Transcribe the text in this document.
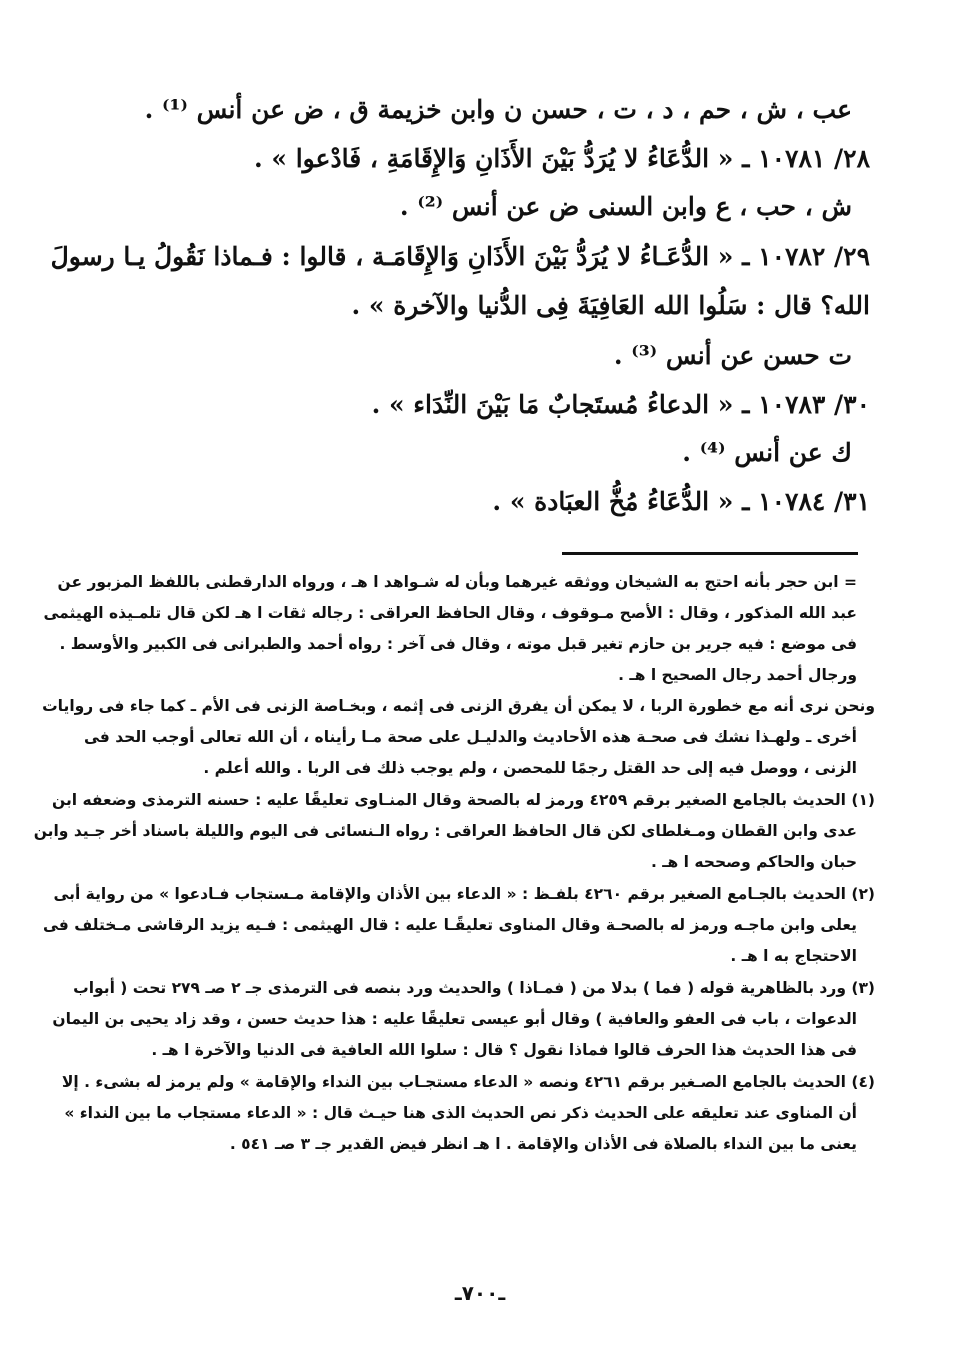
عب ، ش ، حم ، د ، ت ، حسن ن وابن خزيمة ق ، ض عن أنس ⁽¹⁾ .
٢٨/ ١٠٧٨١ ـ « الدُّعَاءُ لا يُرَدُّ بَيْنَ الأَذَانِ وَالإِقَامَةِ ، فَادْعوا » .
ش ، حب ، ع وابن السنى ض عن أنس ⁽²⁾ .
٢٩/ ١٠٧٨٢ ـ « الدُّعَـاءُ لا يُرَدُّ بَيْنَ الأَذَانِ وَالإِقَامَـة ، قالوا : فـماذا نَقُولُ يـا رسولَ
الله؟ قال : سَلُوا الله العَافِيَةَ فِى الدُّنيا والآخرة » .
ت حسن عن أنس ⁽³⁾ .
٣٠/ ١٠٧٨٣ ـ « الدعاءُ مُستَجابٌ مَا بَيْنَ النِّدَاء » .
ك عن أنس ⁽⁴⁾ .
٣١/ ١٠٧٨٤ ـ « الدُّعَاءُ مُخُّ العبَادة » .
= ابن حجر بأنه احتج به الشيخان ووثقه غيرهما وبأن له شـواهد ا هـ ، ورواه الدارقطنى باللفظ المزبور عن
عبد الله المذكور ، وقال : الأصح مـوقوف ، وقال الحافظ العراقى : رجاله ثقات ا هـ لكن قال تلمـيذه الهيثمى
فى موضع : فيه جرير بن حازم تغير قبل موته ، وقال فى آخر : رواه أحمد والطبرانى فى الكبير والأوسط .
ورجال أحمد رجال الصحيح ا هـ .
ونحن نرى أنه مع خطورة الربا ، لا يمكن أن يفرق الزنى فى إثمه ، وبخـاصة الزنى فى الأم ـ كما جاء فى روايات
أخرى ـ ولهـذا نشك فى صحـة هذه الأحاديث والدليـل على صحة مـا رأيناه ، أن الله تعالى أوجب الحد فى
الزنى ، ووصل فيه إلى حد القتل رجمًا للمحصن ، ولم يوجب ذلك فى الربا . والله أعلم .
(١) الحديث بالجامع الصغير برقم ٤٢٥٩ ورمز له بالصحة وقال المنـاوى تعليقًا عليه : حسنه الترمذى وضعفه ابن
عدى وابن القطان ومـغلطاى لكن قال الحافظ العراقى : رواه الـنسائى فى اليوم والليلة باسناد أخر جـيد وابن
حبان والحاكم وصححه ا هـ .
(٢) الحديث بالجـامع الصغير برقم ٤٢٦٠ بلفـظ : « الدعاء بين الأذان والإقامة مـستجاب فـادعوا » من رواية أبى
يعلى وابن ماجـه ورمز له بالصحـة وقال المناوى تعليقًـا عليه : قال الهيثمى : فـيه يزيد الرقاشى مـختلف فى
الاحتجاج به ا هـ .
(٣) ورد بالظاهرية قوله ( فما ) بدلا من ( فمـاذا ) والحديث ورد بنصه فى الترمذى جـ ٢ صـ ٢٧٩ تحت ( أبواب
الدعوات ، باب فى العفو والعافية ) وقال أبو عيسى تعليقًا عليه : هذا حديث حسن ، وقد زاد يحيى بن اليمان
فى هذا الحديث هذا الحرف قالوا فماذا نقول ؟ قال : سلوا الله العافية فى الدنيا والآخرة ا هـ .
(٤) الحديث بالجامع الصـغير برقم ٤٢٦١ ونصه « الدعاء مستجـاب بين النداء والإقامة » ولم يرمز له بشىء . إلا
أن المناوى عند تعليقه على الحديث ذكر نص الحديث الذى هنا حيـث قال : « الدعاء مستجاب ما بين النداء »
يعنى ما بين النداء بالصلاة فى الأذان والإقامة . ا هـ انظر فيض القدير جـ ٣ صـ ٥٤١ .
ـ٧٠٠ـ
